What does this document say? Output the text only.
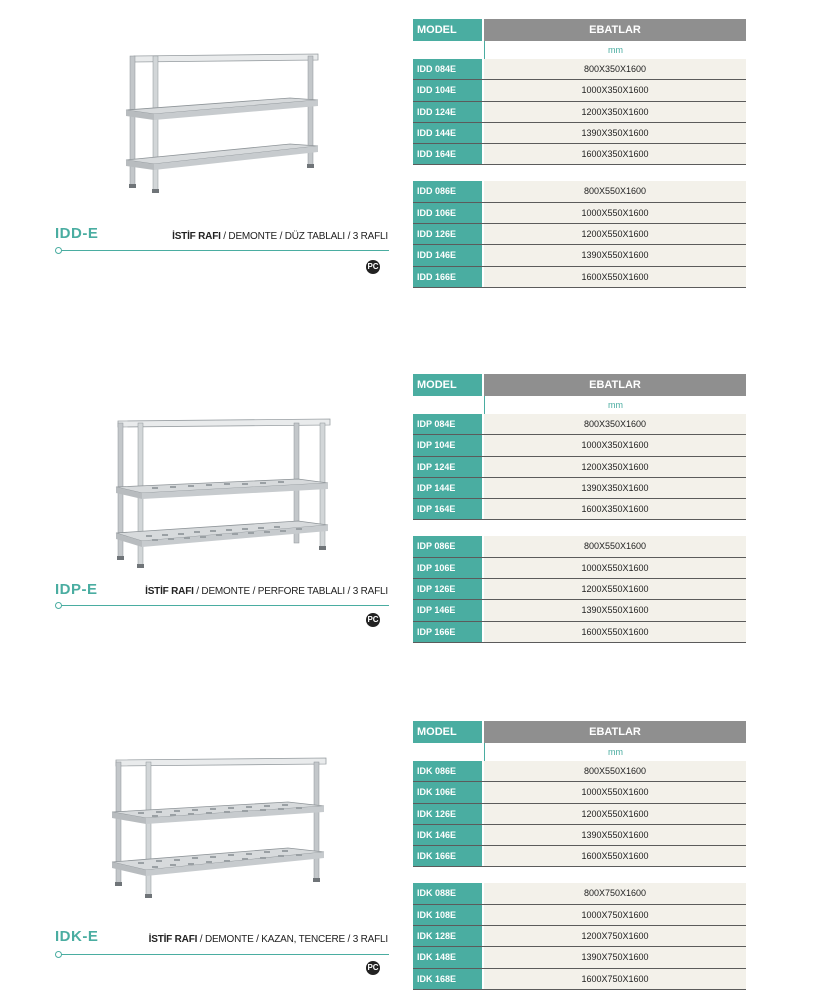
IDD-E	İSTİF RAFI / DEMONTE / DÜZ TABLALI / 3 RAFLI
PC
MODEL	EBATLAR
mm
IDD 084E	800X350X1600
IDD 104E	1000X350X1600
IDD 124E	1200X350X1600
IDD 144E	1390X350X1600
IDD 164E	1600X350X1600
IDD 086E	800X550X1600
IDD 106E	1000X550X1600
IDD 126E	1200X550X1600
IDD 146E	1390X550X1600
IDD 166E	1600X550X1600
IDP-E	İSTİF RAFI / DEMONTE / PERFORE TABLALI / 3 RAFLI
PC
MODEL	EBATLAR
mm
IDP 084E	800X350X1600
IDP 104E	1000X350X1600
IDP 124E	1200X350X1600
IDP 144E	1390X350X1600
IDP 164E	1600X350X1600
IDP 086E	800X550X1600
IDP 106E	1000X550X1600
IDP 126E	1200X550X1600
IDP 146E	1390X550X1600
IDP 166E	1600X550X1600
IDK-E	İSTİF RAFI / DEMONTE / KAZAN, TENCERE / 3 RAFLI
PC
MODEL	EBATLAR
mm
IDK 086E	800X550X1600
IDK 106E	1000X550X1600
IDK 126E	1200X550X1600
IDK 146E	1390X550X1600
IDK 166E	1600X550X1600
IDK 088E	800X750X1600
IDK 108E	1000X750X1600
IDK 128E	1200X750X1600
IDK 148E	1390X750X1600
IDK 168E	1600X750X1600
